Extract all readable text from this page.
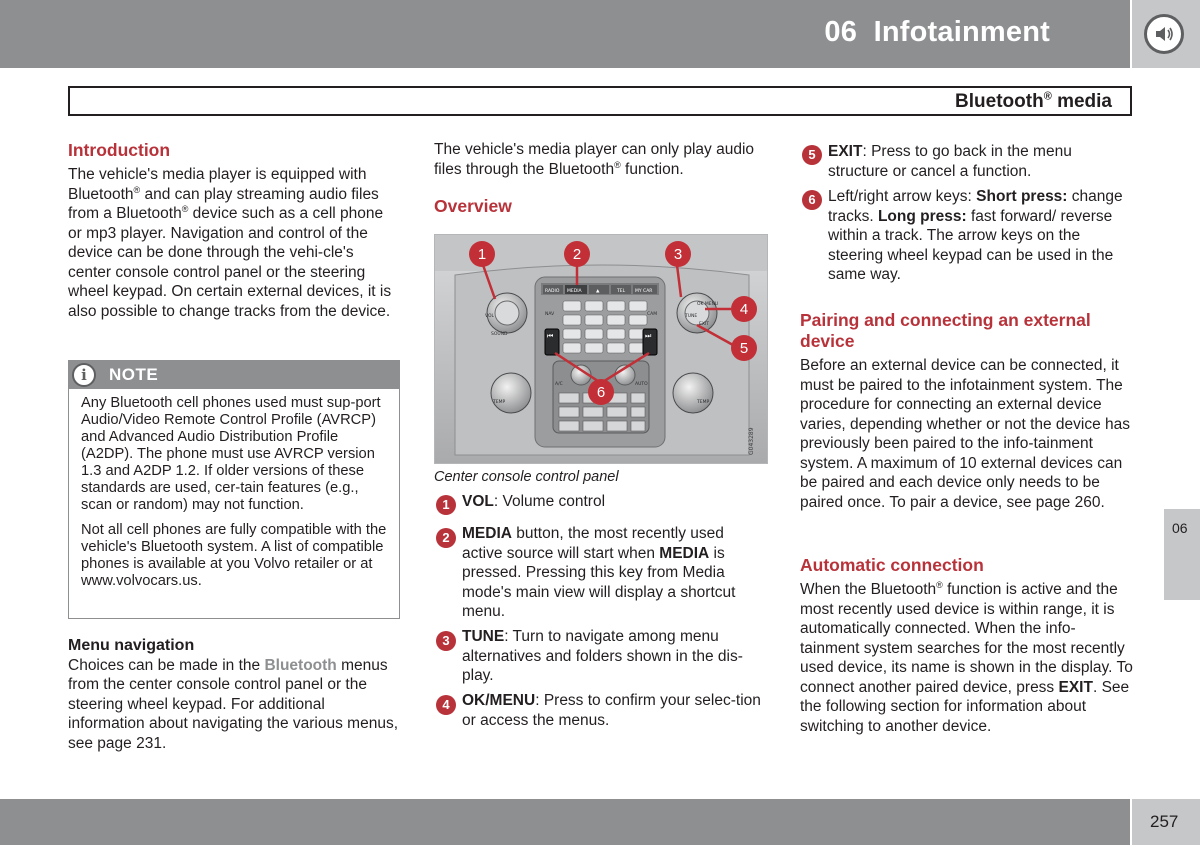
06 Infotainment
Bluetooth® media
Introduction
The vehicle's media player is equipped with Bluetooth® and can play streaming audio files from a Bluetooth® device such as a cell phone or mp3 player. Navigation and control of the device can be done through the vehi-cle's center console control panel or the steering wheel keypad. On certain external devices, it is also possible to change tracks from the device.
i	NOTE
Any Bluetooth cell phones used must sup-port Audio/Video Remote Control Profile (AVRCP) and Advanced Audio Distribution Profile (A2DP). The phone must use AVRCP version 1.3 and A2DP 1.2. If older versions of these standards are used, cer-tain features (e.g., scan or random) may not function.
Not all cell phones are fully compatible with the vehicle's Bluetooth system. A list of compatible phones is available at you Volvo retailer or at www.volvocars.us.
Menu navigation
Choices can be made in the Bluetooth menus from the center console control panel or the steering wheel keypad. For additional information about navigating the various menus, see page 231.
The vehicle's media player can only play audio files through the Bluetooth® function.
Overview
RADIO MEDIA	▲	TEL MY CAR
⏮	⏭
VOL
SOUND
TUNE
OK MENU
EXIT
TEMP	TEMP
NAV	CAM
A/C	AUTO
1	2	3
4
5
6
G043289
Center console control panel
1 VOL: Volume control
2 MEDIA button, the most recently used active source will start when MEDIA is pressed. Pressing this key from Media mode's main view will display a shortcut menu.
3 TUNE: Turn to navigate among menu alternatives and folders shown in the dis-play.
4 OK/MENU: Press to confirm your selec-tion or access the menus.
5 EXIT: Press to go back in the menu structure or cancel a function.
6 Left/right arrow keys: Short press: change tracks. Long press: fast forward/ reverse within a track. The arrow keys on the steering wheel keypad can be used in the same way.
Pairing and connecting an external device
Before an external device can be connected, it must be paired to the infotainment system. The procedure for connecting an external device varies, depending whether or not the device has previously been paired to the info-tainment system. A maximum of 10 external devices can be paired and each device only needs to be paired once. To pair a device, see page 260.
Automatic connection
When the Bluetooth® function is active and the most recently used device is within range, it is automatically connected. When the info-tainment system searches for the most recently used device, its name is shown in the display. To connect another paired device, press EXIT. See the following section for information about switching to another device.
06
257
